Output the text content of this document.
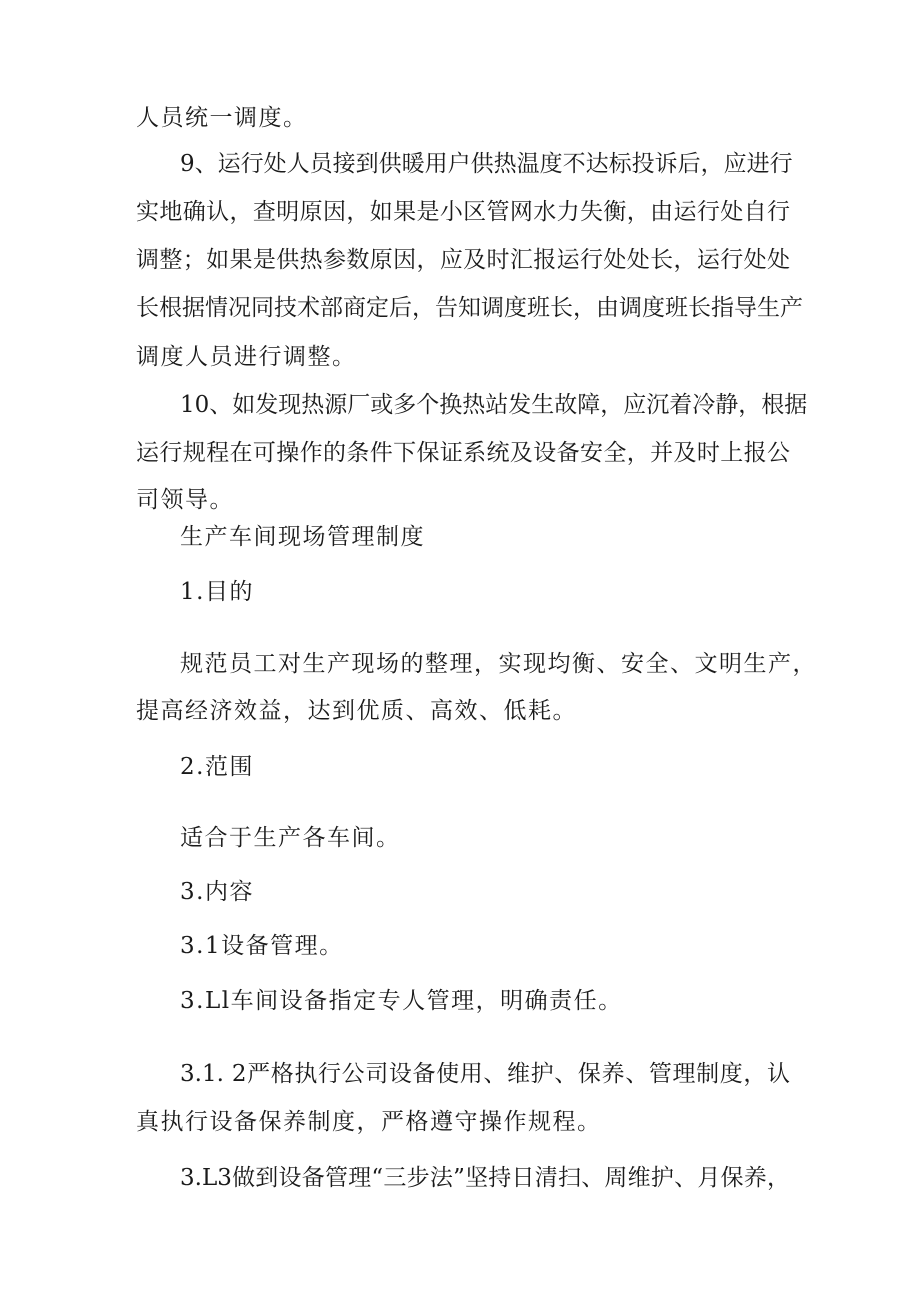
人员统一调度。
9、运行处人员接到供暖用户供热温度不达标投诉后，应进行
实地确认，查明原因，如果是小区管网水力失衡，由运行处自行
调整；如果是供热参数原因，应及时汇报运行处处长，运行处处
长根据情况同技术部商定后，告知调度班长，由调度班长指导生产
调度人员进行调整。
10、如发现热源厂或多个换热站发生故障，应沉着冷静，根据
运行规程在可操作的条件下保证系统及设备安全，并及时上报公
司领导。
生产车间现场管理制度
1.目的
规范员工对生产现场的整理，实现均衡、安全、文明生产，
提高经济效益，达到优质、高效、低耗。
2.范围
适合于生产各车间。
3.内容
3.1设备管理。
3.Ll车间设备指定专人管理，明确责任。
3.1. 2严格执行公司设备使用、维护、保养、管理制度，认
真执行设备保养制度，严格遵守操作规程。
3.L3做到设备管理“三步法”坚持日清扫、周维护、月保养，
